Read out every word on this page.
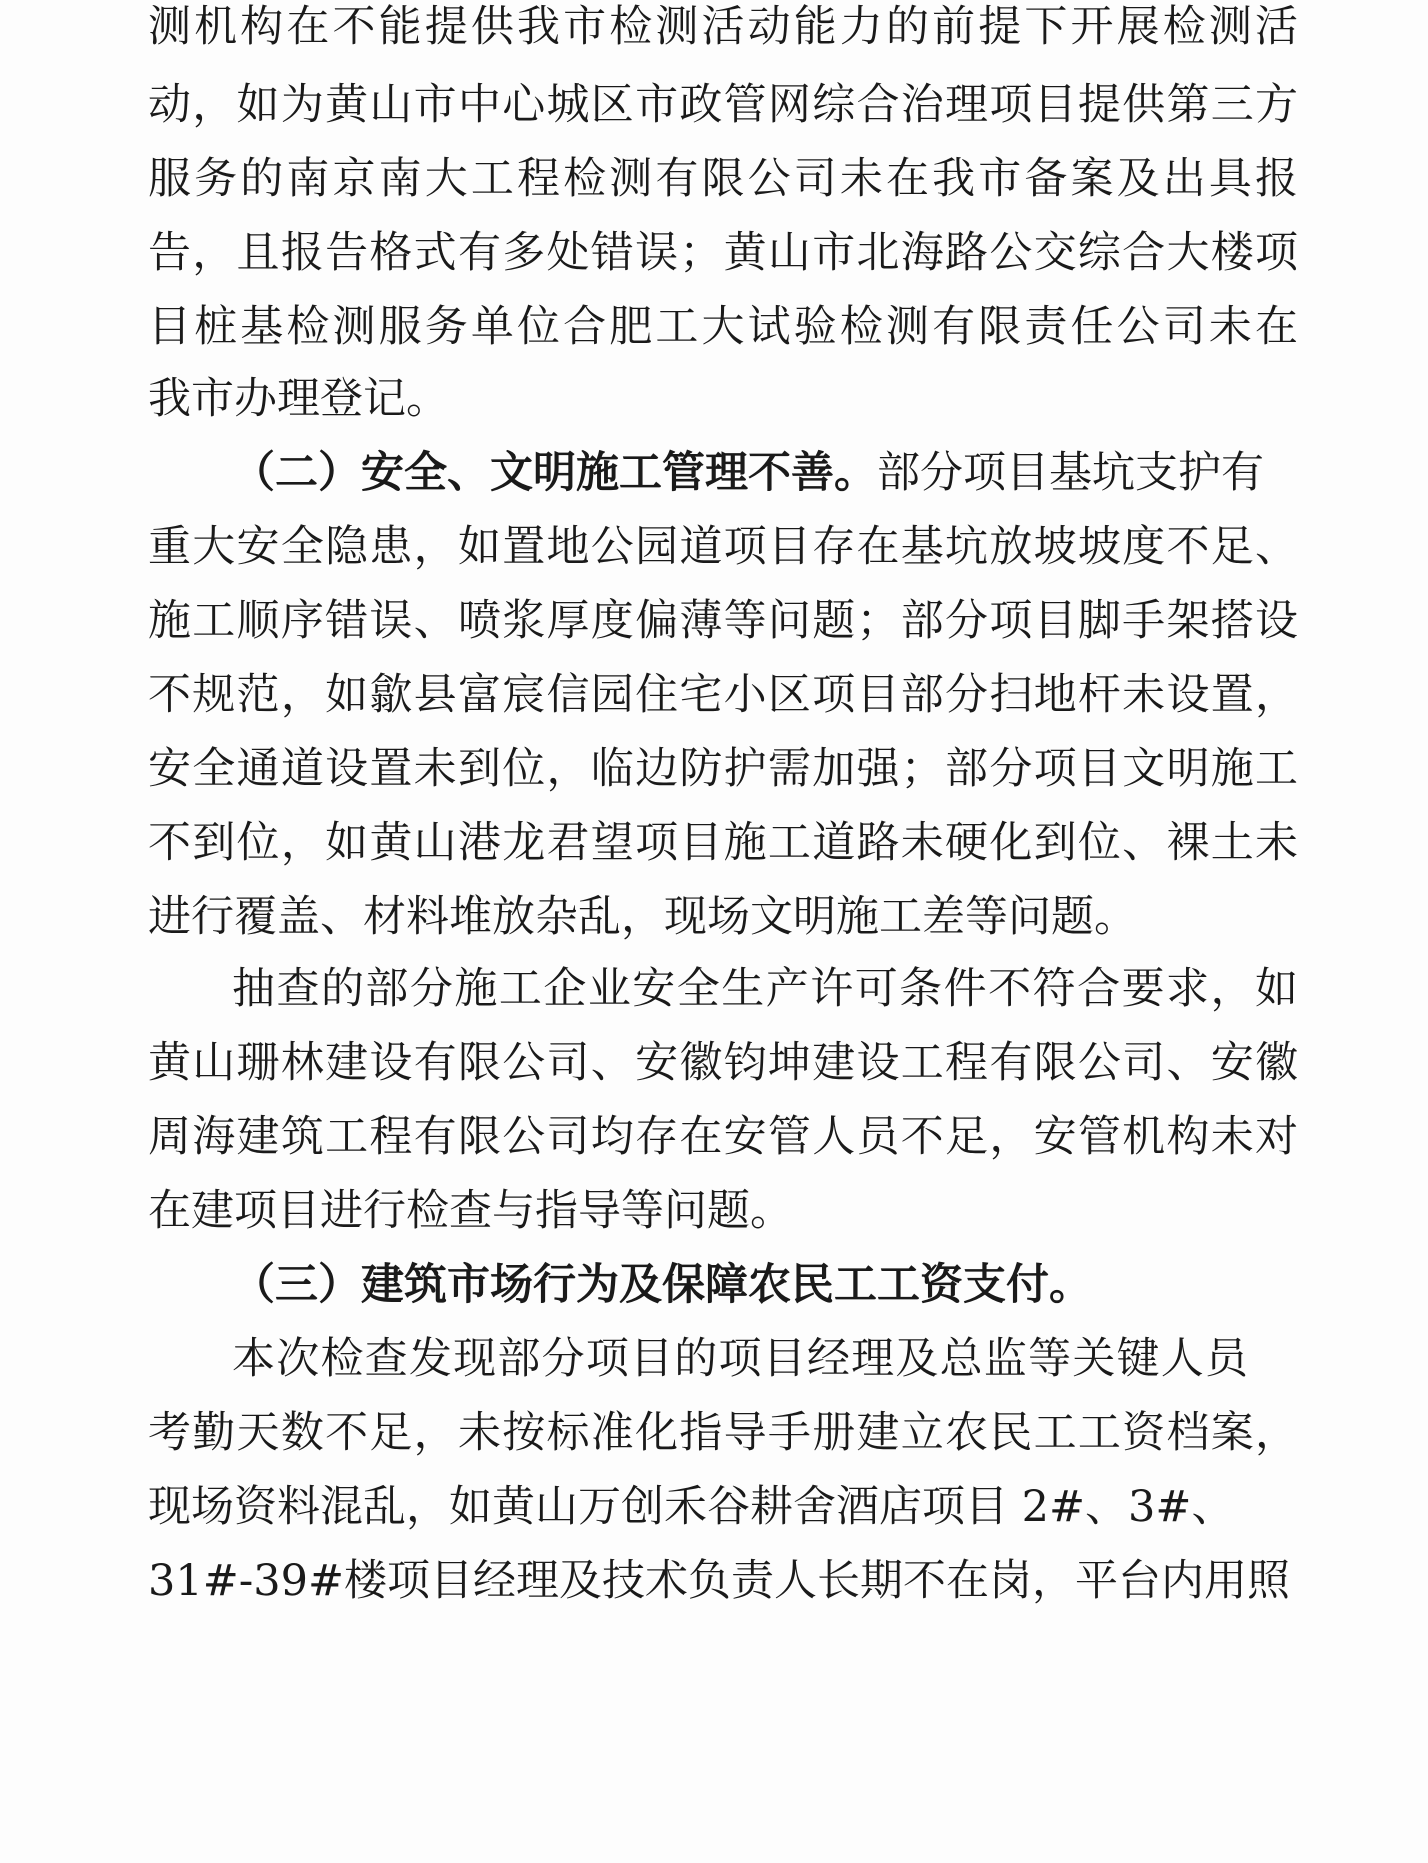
测机构在不能提供我市检测活动能力的前提下开展检测活
动，如为黄山市中心城区市政管网综合治理项目提供第三方
服务的南京南大工程检测有限公司未在我市备案及出具报
告，且报告格式有多处错误；黄山市北海路公交综合大楼项
目桩基检测服务单位合肥工大试验检测有限责任公司未在
我市办理登记。
（二）安全、文明施工管理不善。部分项目基坑支护有
重大安全隐患，如置地公园道项目存在基坑放坡坡度不足、
施工顺序错误、喷浆厚度偏薄等问题；部分项目脚手架搭设
不规范，如歙县富宸信园住宅小区项目部分扫地杆未设置，
安全通道设置未到位，临边防护需加强；部分项目文明施工
不到位，如黄山港龙君望项目施工道路未硬化到位、裸土未
进行覆盖、材料堆放杂乱，现场文明施工差等问题。
抽查的部分施工企业安全生产许可条件不符合要求，如
黄山珊林建设有限公司、安徽钧坤建设工程有限公司、安徽
周海建筑工程有限公司均存在安管人员不足，安管机构未对
在建项目进行检查与指导等问题。
（三）建筑市场行为及保障农民工工资支付。
本次检查发现部分项目的项目经理及总监等关键人员
考勤天数不足，未按标准化指导手册建立农民工工资档案，
现场资料混乱，如黄山万创禾谷耕舍酒店项目 2#、3#、
31#-39#楼项目经理及技术负责人长期不在岗，平台内用照
